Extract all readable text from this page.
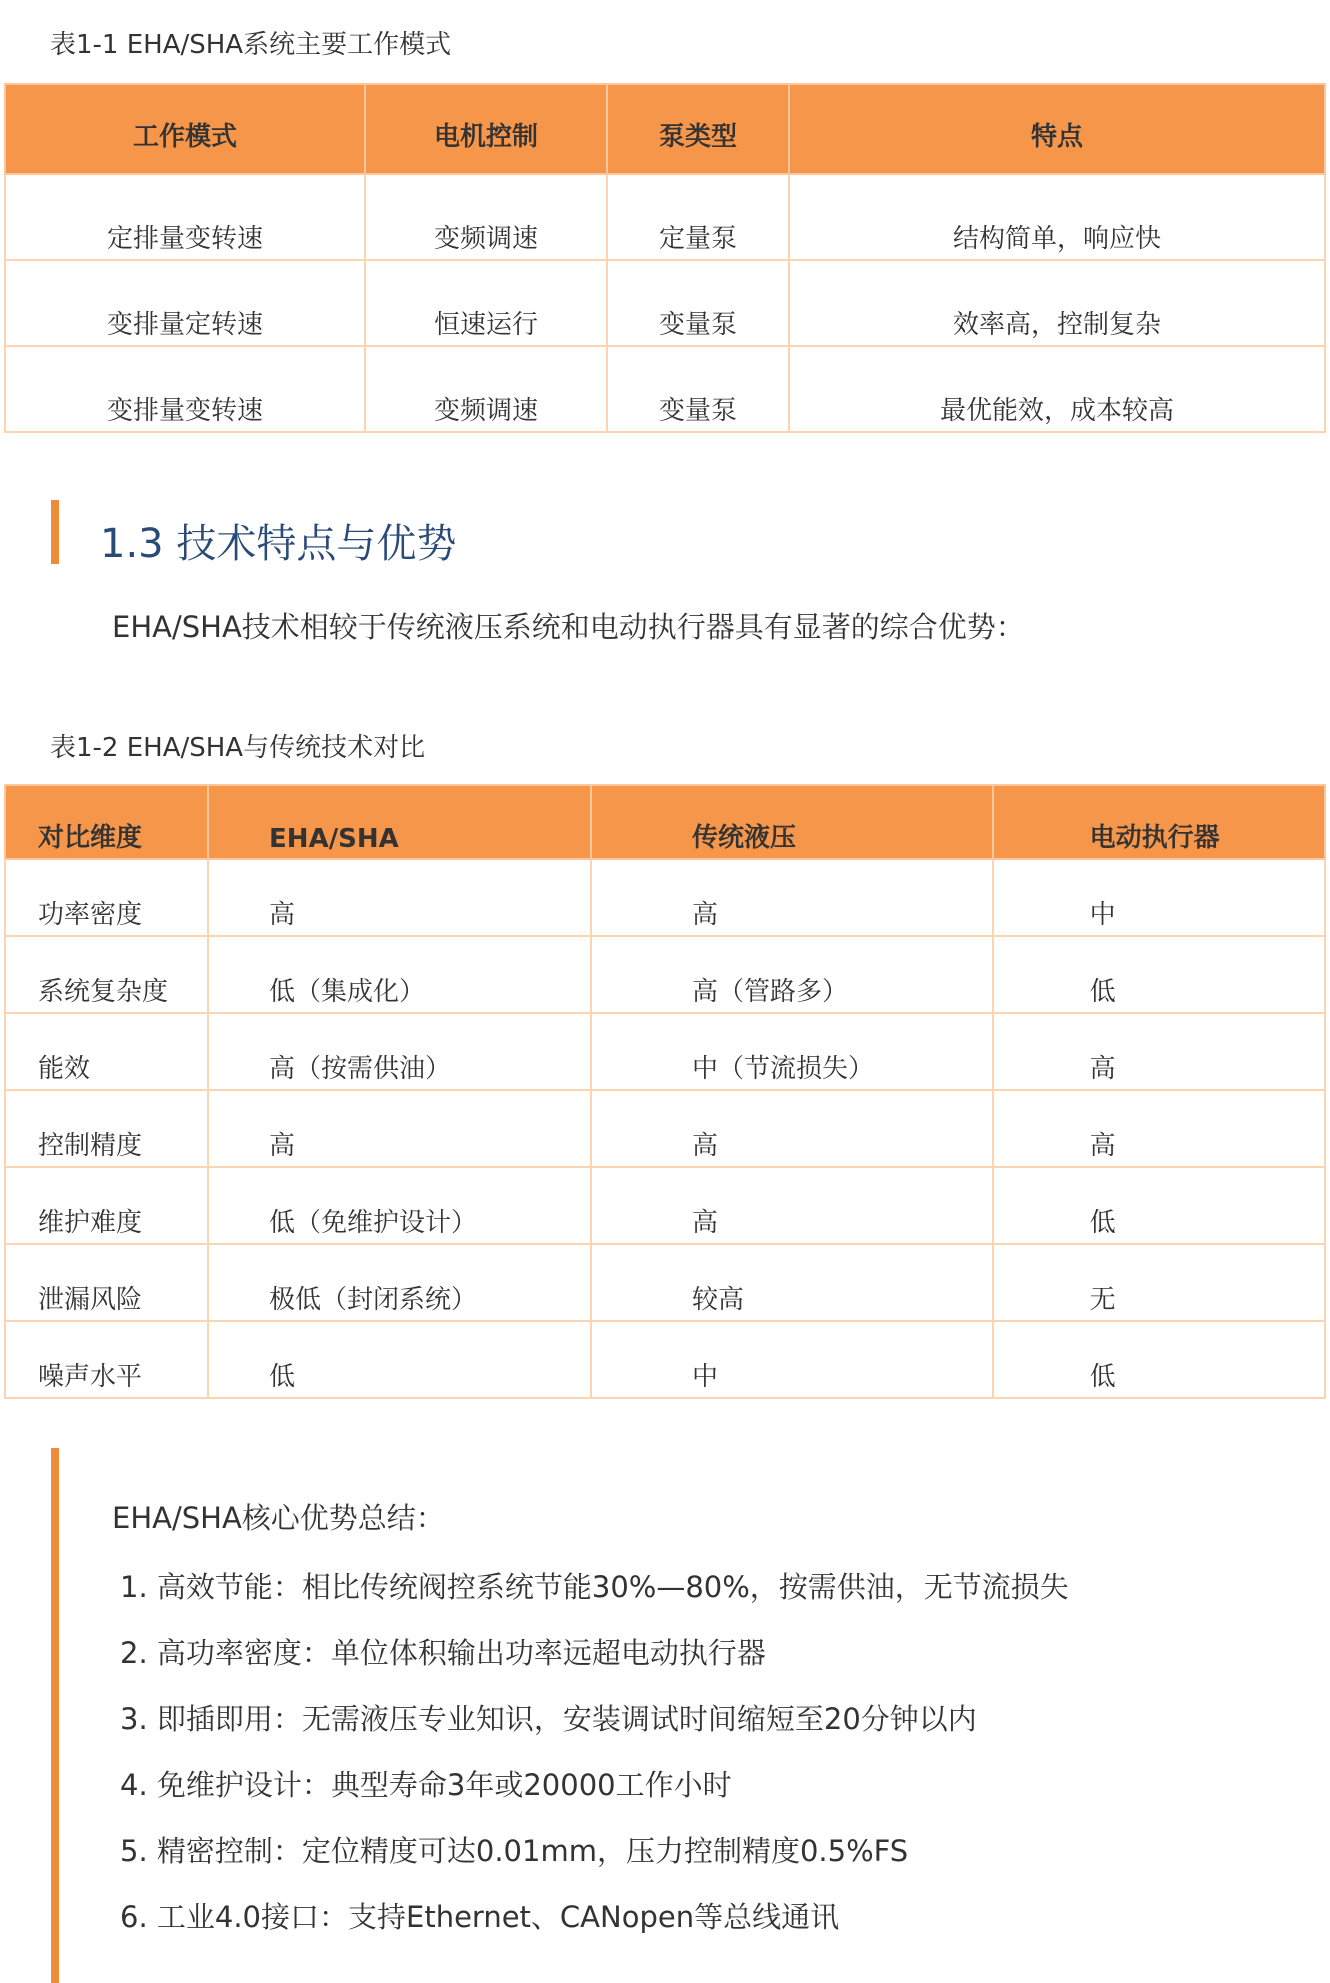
表1-1 EHA/SHA系统主要工作模式
工作模式	电机控制	泵类型	特点
定排量变转速	变频调速	定量泵	结构简单，响应快
变排量定转速	恒速运行	变量泵	效率高，控制复杂
变排量变转速	变频调速	变量泵	最优能效，成本较高
1.3 技术特点与优势
EHA/SHA技术相较于传统液压系统和电动执行器具有显著的综合优势：
表1-2 EHA/SHA与传统技术对比
对比维度	EHA/SHA	传统液压	电动执行器
功率密度	高	高	中
系统复杂度	低（集成化）	高（管路多）	低
能效	高（按需供油）	中（节流损失）	高
控制精度	高	高	高
维护难度	低（免维护设计）	高	低
泄漏风险	极低（封闭系统）	较高	无
噪声水平	低	中	低
EHA/SHA核心优势总结：
1. 高效节能：相比传统阀控系统节能30%—80%，按需供油，无节流损失
2. 高功率密度：单位体积输出功率远超电动执行器
3. 即插即用：无需液压专业知识，安装调试时间缩短至20分钟以内
4. 免维护设计：典型寿命3年或20000工作小时
5. 精密控制：定位精度可达0.01mm，压力控制精度0.5%FS
6. 工业4.0接口：支持Ethernet、CANopen等总线通讯
